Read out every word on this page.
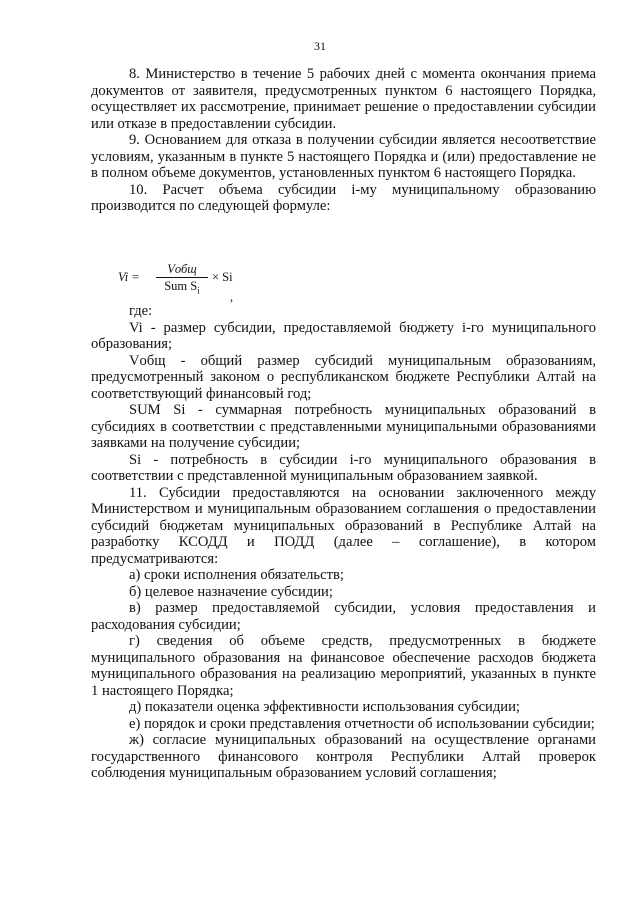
31

8. Министерство в течение 5 рабочих дней с момента окончания приема документов от заявителя, предусмотренных пунктом 6 настоящего Порядка, осуществляет их рассмотрение, принимает решение о предоставлении субсидии или отказе в предоставлении субсидии.

9. Основанием для отказа в получении субсидии является несоответствие условиям, указанным в пункте 5 настоящего Порядка и (или) предоставление не в полном объеме документов, установленных пунктом 6 настоящего Порядка.

10. Расчет объема субсидии i-му муниципальному образованию производится по следующей формуле:

Vi =
Vобщ
Sum $S_i$
× Si
,

где:

Vi - размер субсидии, предоставляемой бюджету i-го муниципального образования;

Vобщ - общий размер субсидий муниципальным образованиям, предусмотренный законом о республиканском бюджете Республики Алтай на соответствующий финансовый год;

SUM Si - суммарная потребность муниципальных образований в субсидиях в соответствии с представленными муниципальными образованиями заявками на получение субсидии;

Si - потребность в субсидии i-го муниципального образования в соответствии с представленной муниципальным образованием заявкой.

11. Субсидии предоставляются на основании заключенного между Министерством и муниципальным образованием соглашения о предоставлении субсидий бюджетам муниципальных образований в Республике Алтай на разработку КСОДД и ПОДД (далее – соглашение), в котором предусматриваются:

а) сроки исполнения обязательств;

б) целевое назначение субсидии;

в) размер предоставляемой субсидии, условия предоставления и расходования субсидии;

г) сведения об объеме средств, предусмотренных в бюджете муниципального образования на финансовое обеспечение расходов бюджета муниципального образования на реализацию мероприятий, указанных в пункте 1 настоящего Порядка;

д) показатели оценка эффективности использования субсидии;

е) порядок и сроки представления отчетности об использовании субсидии;

ж) согласие муниципальных образований на осуществление органами государственного финансового контроля Республики Алтай проверок соблюдения муниципальным образованием условий соглашения;
